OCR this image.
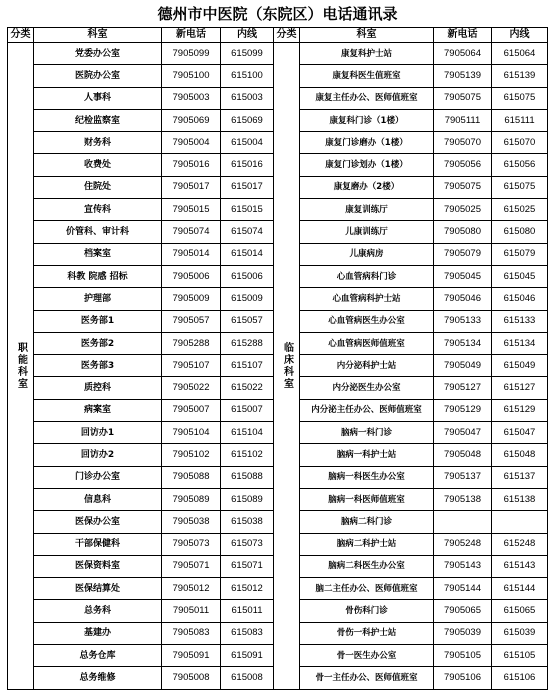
德州市中医院（东院区）电话通讯录
分类	科室	新电话	内线	分类	科室	新电话	内线
职能科室	党委办公室	7905099	615099	临床科室	康复科护士站	7905064	615064
	医院办公室	7905100	615100		康复科医生值班室	7905139	615139
	人事科	7905003	615003		康复主任办公、医师值班室	7905075	615075
	纪检监察室	7905069	615069		康复科门诊（1楼）	7905111	615111
	财务科	7905004	615004		康复门诊磨办（1楼）	7905070	615070
	收费处	7905016	615016		康复门诊划办（1楼）	7905056	615056
	住院处	7905017	615017		康复磨办（2楼）	7905075	615075
	宣传科	7905015	615015		康复训练厅	7905025	615025
	价管科、审计科	7905074	615074		儿康训练厅	7905080	615080
	档案室	7905014	615014		儿康病房	7905079	615079
	科教 院感 招标	7905006	615006		心血管病科门诊	7905045	615045
	护理部	7905009	615009		心血管病科护士站	7905046	615046
	医务部1	7905057	615057		心血管病医生办公室	7905133	615133
	医务部2	7905288	615288		心血管病医师值班室	7905134	615134
	医务部3	7905107	615107		内分泌科护士站	7905049	615049
	质控科	7905022	615022		内分泌医生办公室	7905127	615127
	病案室	7905007	615007		内分泌主任办公、医师值班室	7905129	615129
	回访办1	7905104	615104		脑病一科门诊	7905047	615047
	回访办2	7905102	615102		脑病一科护士站	7905048	615048
	门诊办公室	7905088	615088		脑病一科医生办公室	7905137	615137
	信息科	7905089	615089		脑病一科医师值班室	7905138	615138
	医保办公室	7905038	615038		脑病二科门诊		
	干部保健科	7905073	615073		脑病二科护士站	7905248	615248
	医保资料室	7905071	615071		脑病二科医生办公室	7905143	615143
	医保结算处	7905012	615012		脑二主任办公、医师值班室	7905144	615144
	总务科	7905011	615011		骨伤科门诊	7905065	615065
	基建办	7905083	615083		骨伤一科护士站	7905039	615039
	总务仓库	7905091	615091		骨一医生办公室	7905105	615105
	总务维修	7905008	615008		骨一主任办公、医师值班室	7905106	615106
